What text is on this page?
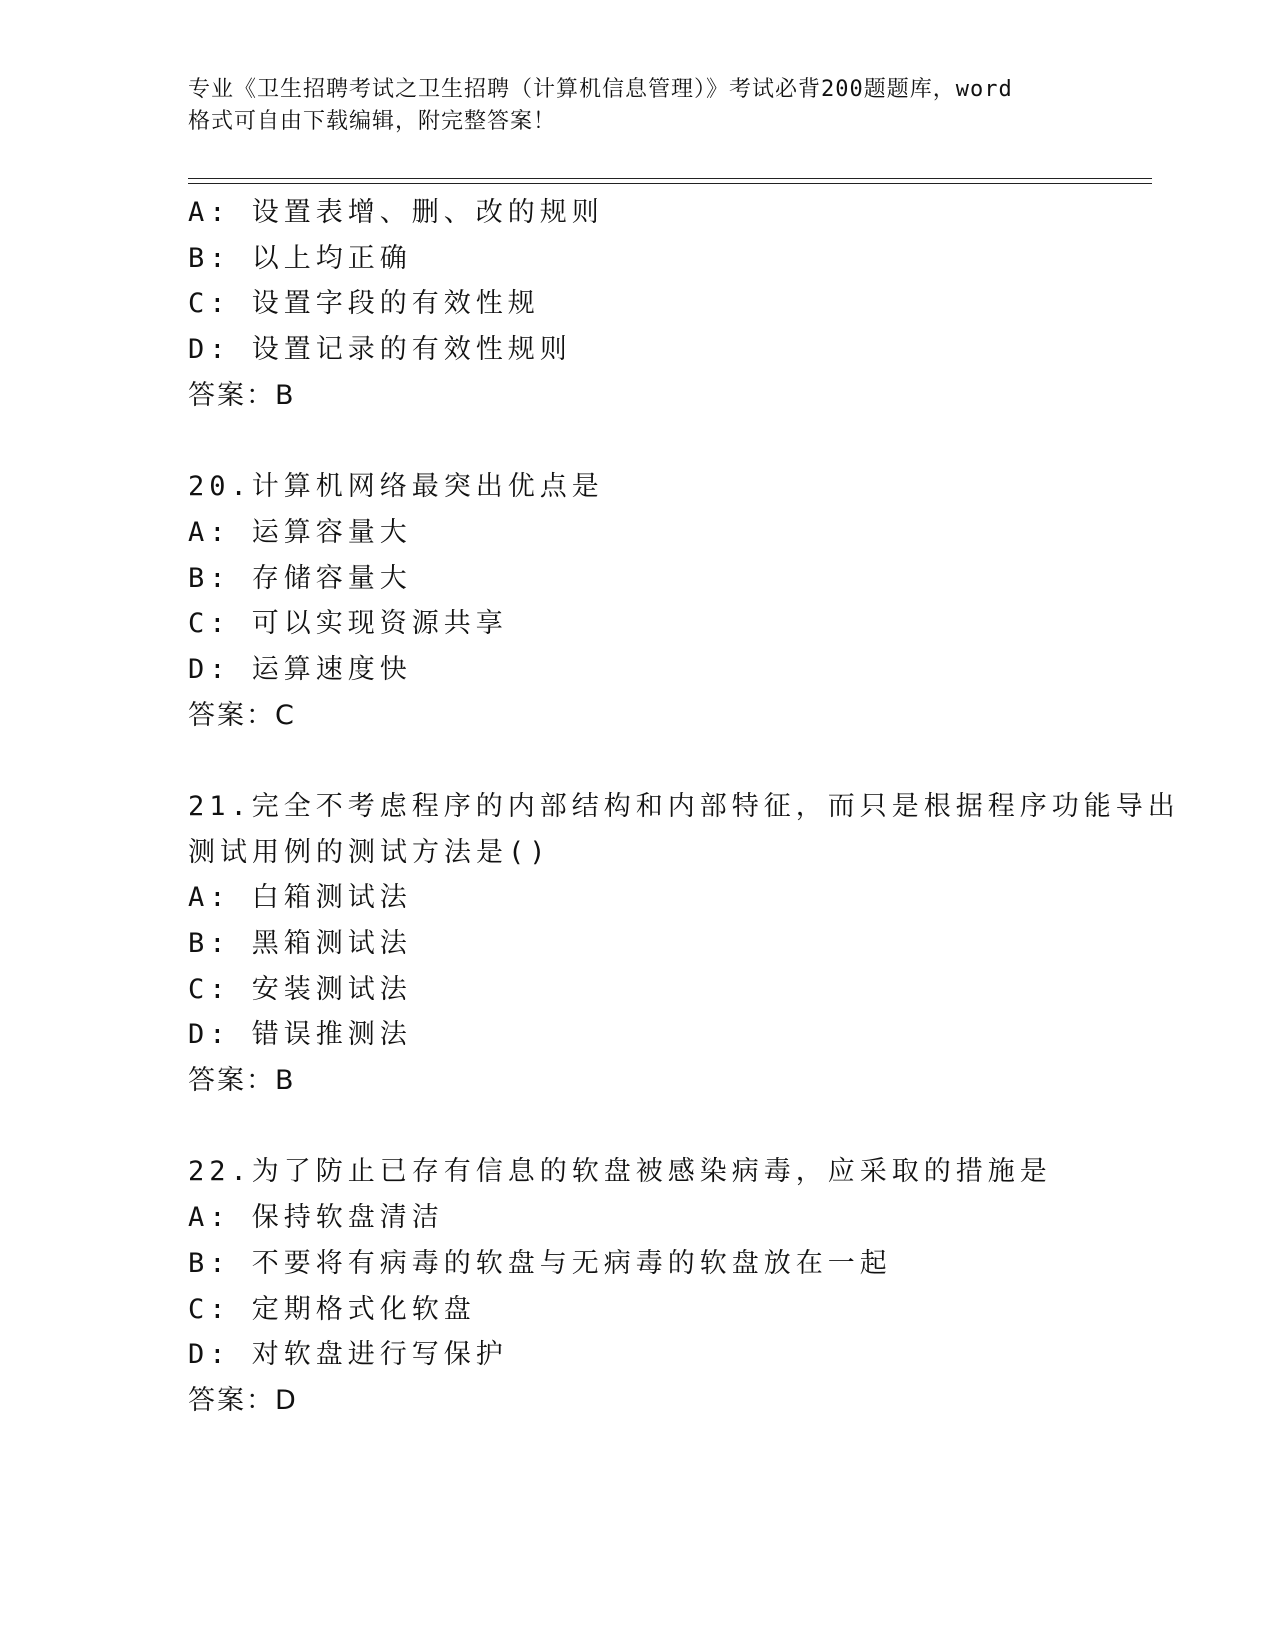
专业《卫生招聘考试之卫生招聘（计算机信息管理）》考试必背200题题库，word
格式可自由下载编辑，附完整答案！
A: 设置表增、删、改的规则
B: 以上均正确
C: 设置字段的有效性规
D: 设置记录的有效性规则
答案：B
20.计算机网络最突出优点是
A: 运算容量大
B: 存储容量大
C: 可以实现资源共享
D: 运算速度快
答案：C
21.完全不考虑程序的内部结构和内部特征，而只是根据程序功能导出
测试用例的测试方法是()
A: 白箱测试法
B: 黑箱测试法
C: 安装测试法
D: 错误推测法
答案：B
22.为了防止已存有信息的软盘被感染病毒，应采取的措施是
A: 保持软盘清洁
B: 不要将有病毒的软盘与无病毒的软盘放在一起
C: 定期格式化软盘
D: 对软盘进行写保护
答案：D
